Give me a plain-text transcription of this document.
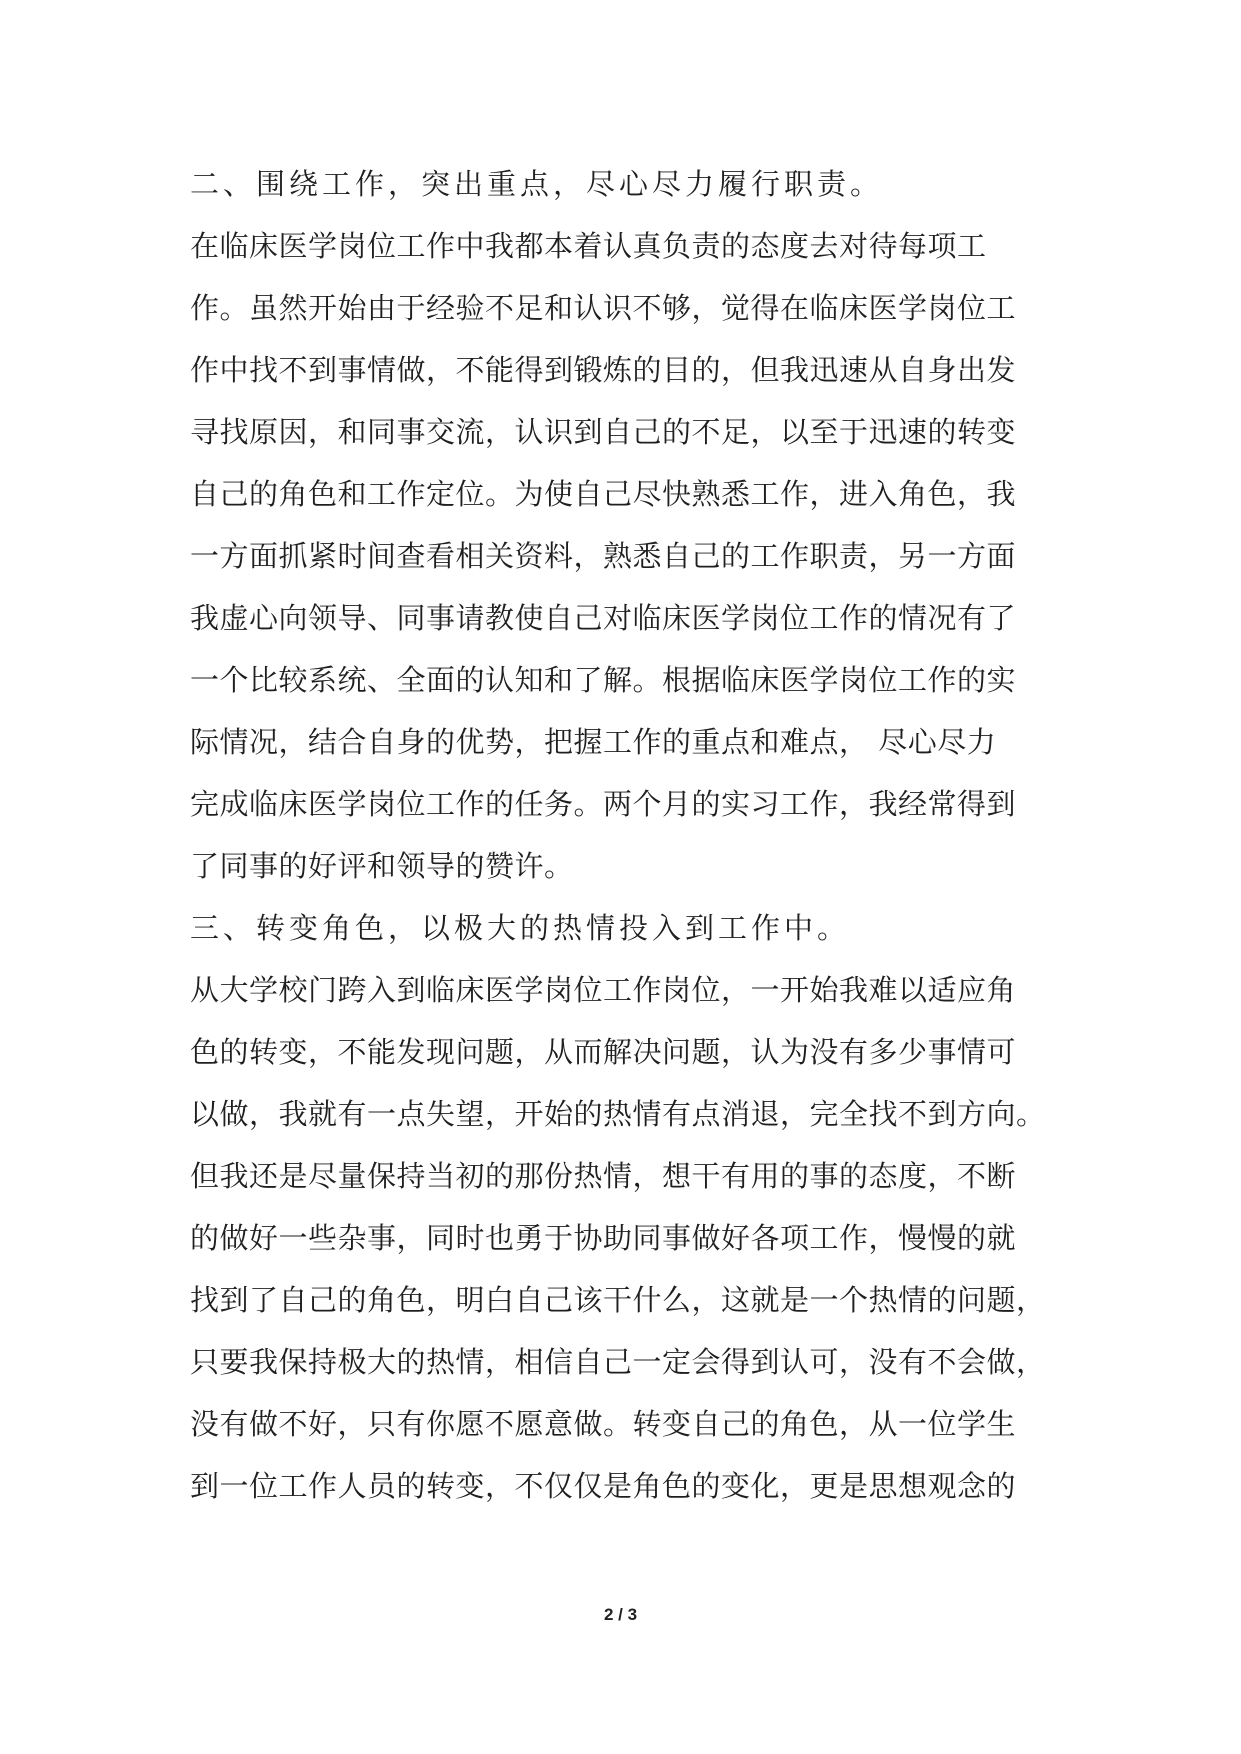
二、围绕工作，突出重点，尽心尽力履行职责。
在临床医学岗位工作中我都本着认真负责的态度去对待每项工
作。虽然开始由于经验不足和认识不够，觉得在临床医学岗位工
作中找不到事情做，不能得到锻炼的目的，但我迅速从自身出发
寻找原因，和同事交流，认识到自己的不足，以至于迅速的转变
自己的角色和工作定位。为使自己尽快熟悉工作，进入角色，我
一方面抓紧时间查看相关资料，熟悉自己的工作职责，另一方面
我虚心向领导、同事请教使自己对临床医学岗位工作的情况有了
一个比较系统、全面的认知和了解。根据临床医学岗位工作的实
际情况，结合自身的优势，把握工作的重点和难点， 尽心尽力
完成临床医学岗位工作的任务。两个月的实习工作，我经常得到
了同事的好评和领导的赞许。
三、转变角色，以极大的热情投入到工作中。
从大学校门跨入到临床医学岗位工作岗位，一开始我难以适应角
色的转变，不能发现问题，从而解决问题，认为没有多少事情可
以做，我就有一点失望，开始的热情有点消退，完全找不到方向。
但我还是尽量保持当初的那份热情，想干有用的事的态度，不断
的做好一些杂事，同时也勇于协助同事做好各项工作，慢慢的就
找到了自己的角色，明白自己该干什么，这就是一个热情的问题，
只要我保持极大的热情，相信自己一定会得到认可，没有不会做，
没有做不好，只有你愿不愿意做。转变自己的角色，从一位学生
到一位工作人员的转变，不仅仅是角色的变化，更是思想观念的
2 / 3
